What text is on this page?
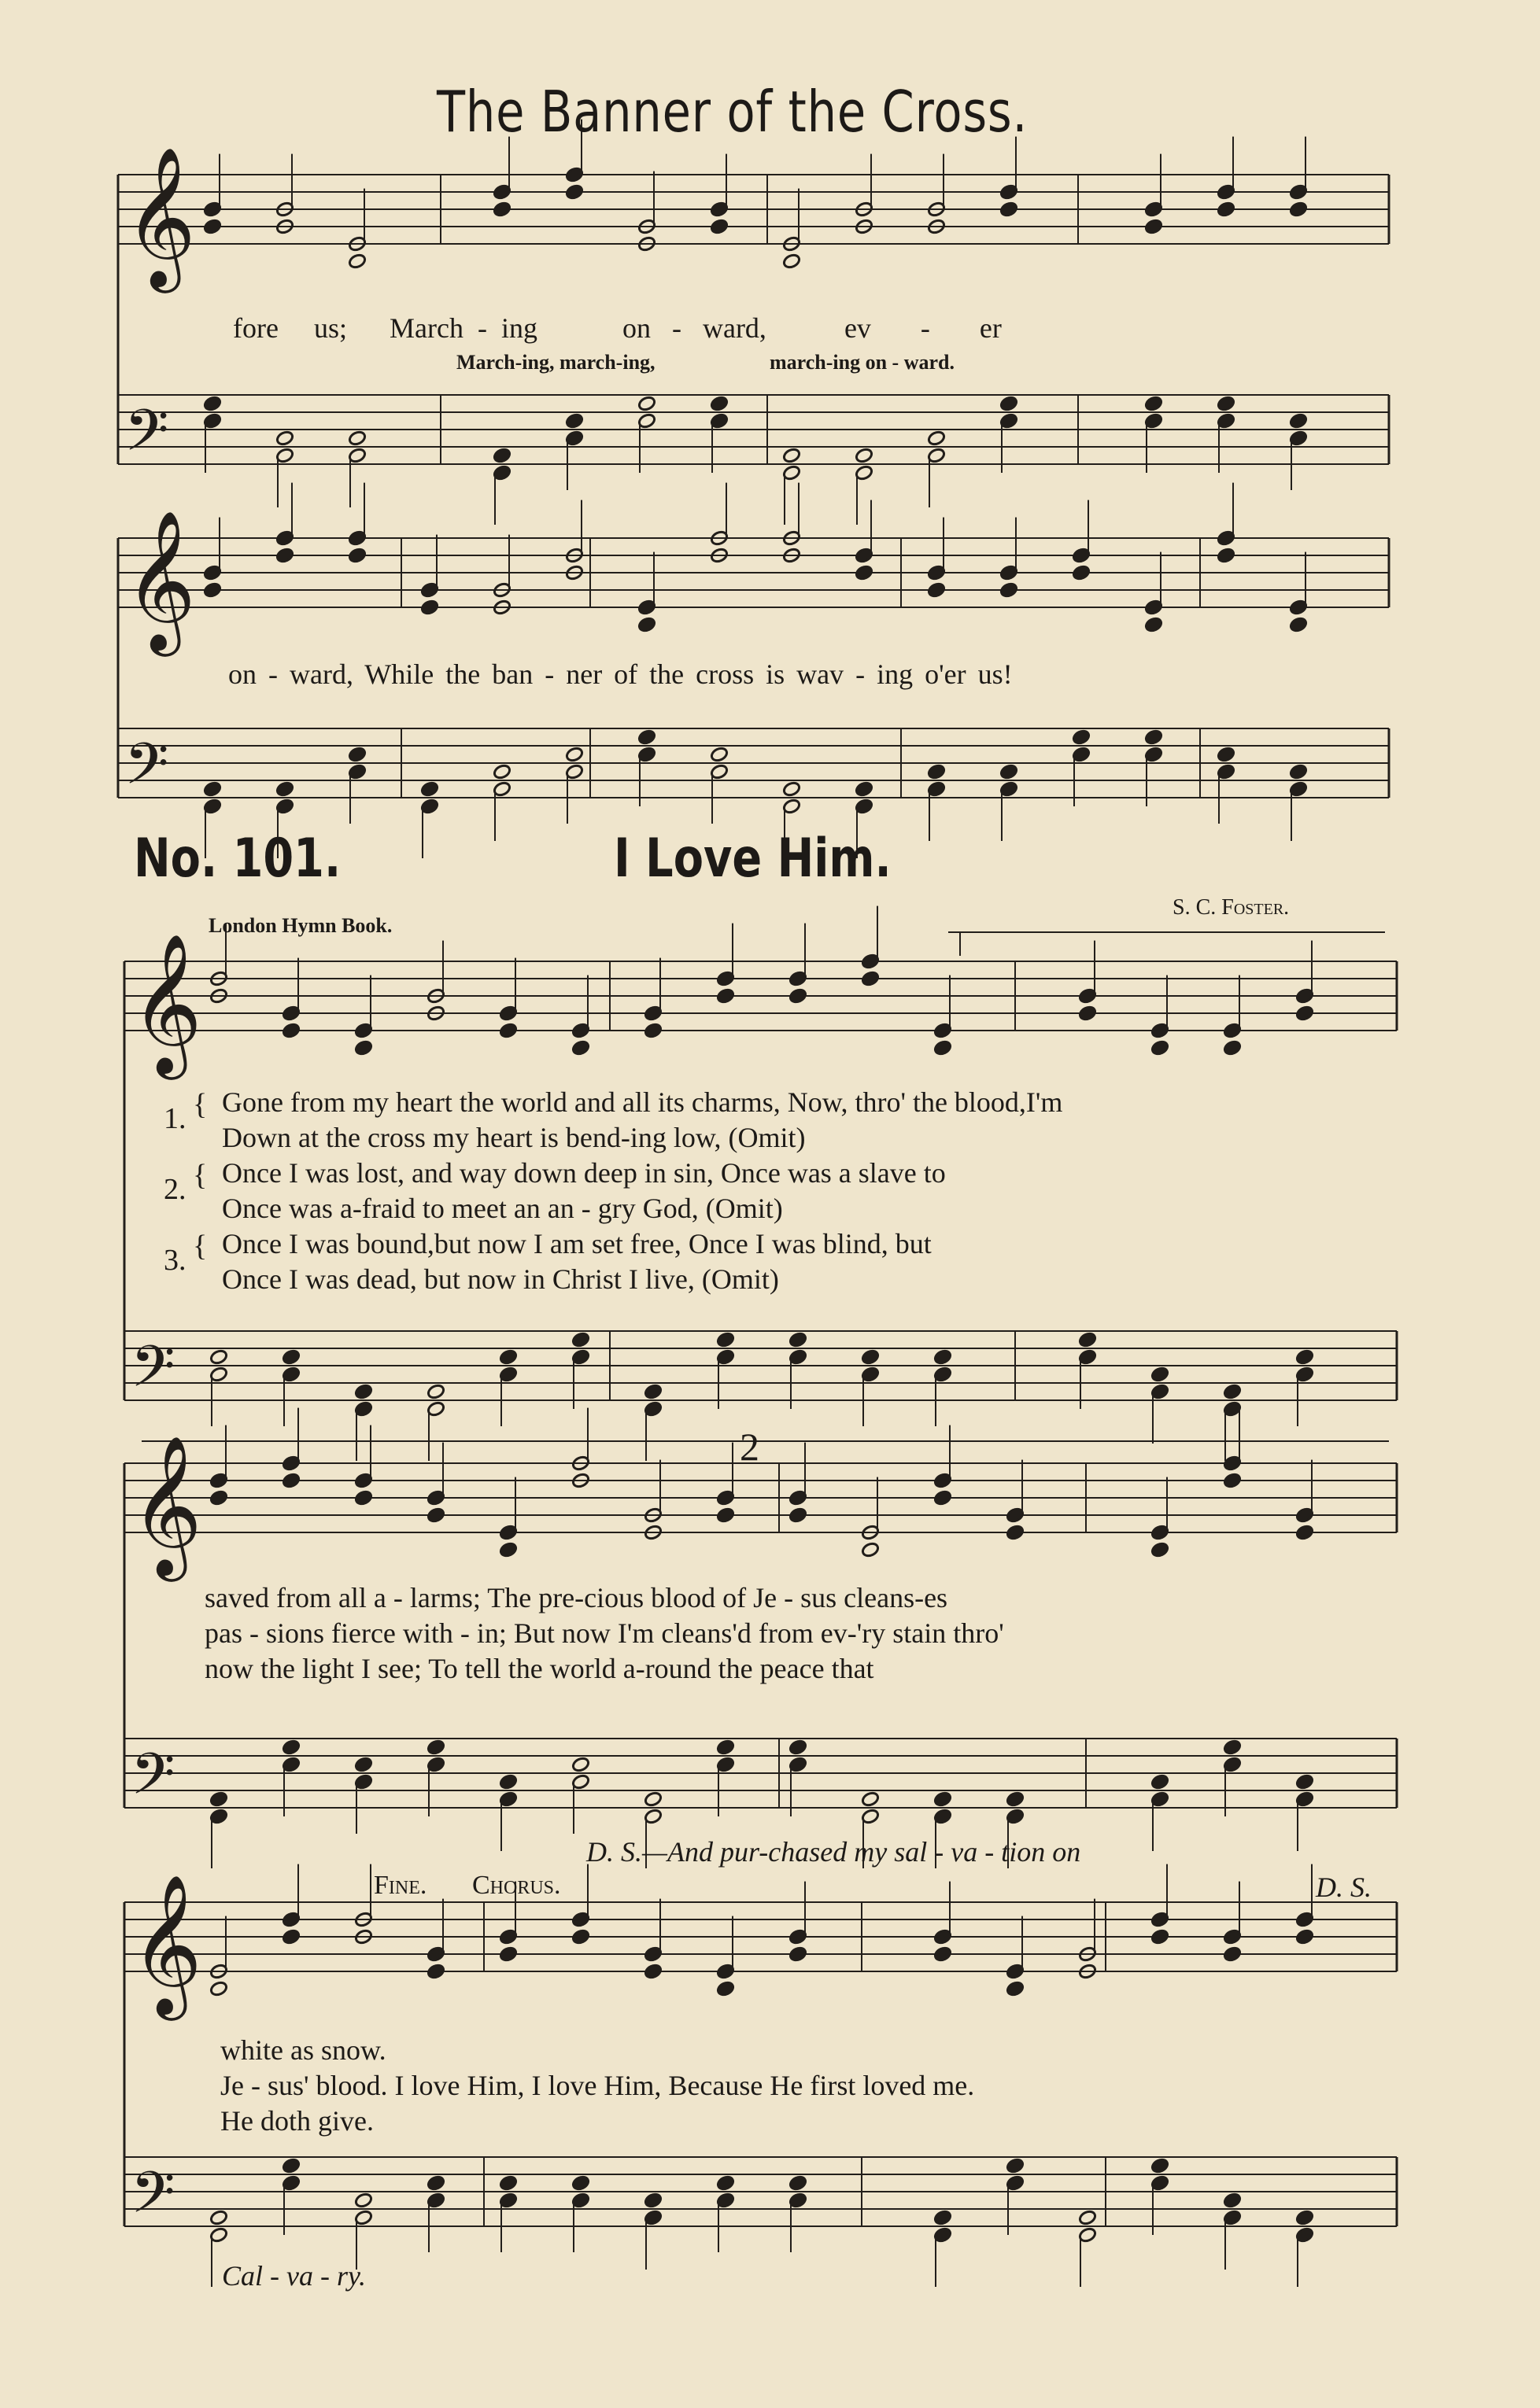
𝄞
𝄢
𝄞
𝄢
𝄞
𝄢
𝄞
𝄢
𝄞
𝄢
The Banner of the Cross.
fore us; March - ing	on - ward,	ev - er
March-ing, march-ing,	march-ing on - ward.
on - ward, While the ban - ner of the cross is wav - ing o'er us!
No. 101.	I Love Him.
London Hymn Book.
S. C. Foster.
1. { Gone from my heart the world and all its charms, Now, thro' the blood,I'm
Down at the cross my heart is bend-ing low, (Omit)
2. { Once I was lost, and way down deep in sin, Once was a slave to
Once was a-fraid to meet an an - gry God, (Omit)
3. { Once I was bound,but now I am set free, Once I was blind, but
Once I was dead, but now in Christ I live, (Omit)
2
saved from all a - larms; The pre-cious blood of Je - sus cleans-es
pas - sions fierce with - in; But now I'm cleans'd from ev-'ry stain thro'
now the light I see; To tell the world a-round the peace that
D. S.—And pur-chased my sal - va - tion on
Fine. Chorus.	D. S.
white as snow.
Je - sus' blood. I love Him, I love Him, Because He first loved me.
He doth give.
Cal - va - ry.
